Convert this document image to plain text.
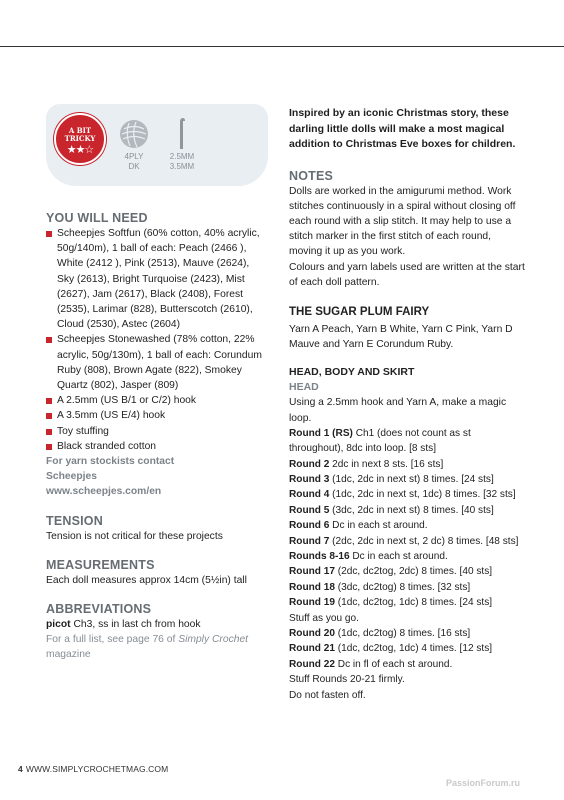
A BIT TRICKY
★★☆
4PLY
DK
2.5MM
3.5MM
YOU WILL NEED
Scheepjes Softfun (60% cotton, 40% acrylic, 50g/140m), 1 ball of each: Peach (2466 ), White (2412 ), Pink (2513), Mauve (2624), Sky (2613), Bright Turquoise (2423), Mist (2627), Jam (2617), Black (2408), Forest (2535), Larimar (828), Butterscotch (2610), Cloud (2530), Astec (2604)
Scheepjes Stonewashed (78% cotton, 22% acrylic, 50g/130m), 1 ball of each: Corundum Ruby (808), Brown Agate (822), Smokey Quartz (802), Jasper (809)
A 2.5mm (US B/1 or C/2) hook
A 3.5mm (US E/4) hook
Toy stuffing
Black stranded cotton
For yarn stockists contact
Scheepjes
www.scheepjes.com/en
TENSION

Tension is not critical for these projects

MEASUREMENTS

Each doll measures approx 14cm (5½in) tall

ABBREVIATIONS

picot Ch3, ss in last ch from hook

For a full list, see page 76 of Simply Crochet magazine

Inspired by an iconic Christmas story, these darling little dolls will make a most magical addition to Christmas Eve boxes for children.

NOTES

Dolls are worked in the amigurumi method. Work stitches continuously in a spiral without closing off each round with a slip stitch. It may help to use a stitch marker in the first stitch of each round, moving it up as you work.

Colours and yarn labels used are written at the start of each doll pattern.

THE SUGAR PLUM FAIRY

Yarn A Peach, Yarn B White, Yarn C Pink, Yarn D Mauve and Yarn E Corundum Ruby.

HEAD, BODY AND SKIRT
HEAD

Using a 2.5mm hook and Yarn A, make a magic loop.

Round 1 (RS) Ch1 (does not count as st

throughout), 8dc into loop. [8 sts]

Round 2 2dc in next 8 sts. [16 sts]

Round 3 (1dc, 2dc in next st) 8 times. [24 sts]

Round 4 (1dc, 2dc in next st, 1dc) 8 times. [32 sts]

Round 5 (3dc, 2dc in next st) 8 times. [40 sts]

Round 6 Dc in each st around.

Round 7 (2dc, 2dc in next st, 2 dc) 8 times. [48 sts]

Rounds 8-16 Dc in each st around.

Round 17 (2dc, dc2tog, 2dc) 8 times. [40 sts]

Round 18 (3dc, dc2tog) 8 times. [32 sts]

Round 19 (1dc, dc2tog, 1dc) 8 times. [24 sts]

Stuff as you go.

Round 20 (1dc, dc2tog) 8 times. [16 sts]

Round 21 (1dc, dc2tog, 1dc) 4 times. [12 sts]

Round 22 Dc in fl of each st around.

Stuff Rounds 20-21 firmly.

Do not fasten off.

4 WWW.SIMPLYCROCHETMAG.COM
PassionForum.ru
